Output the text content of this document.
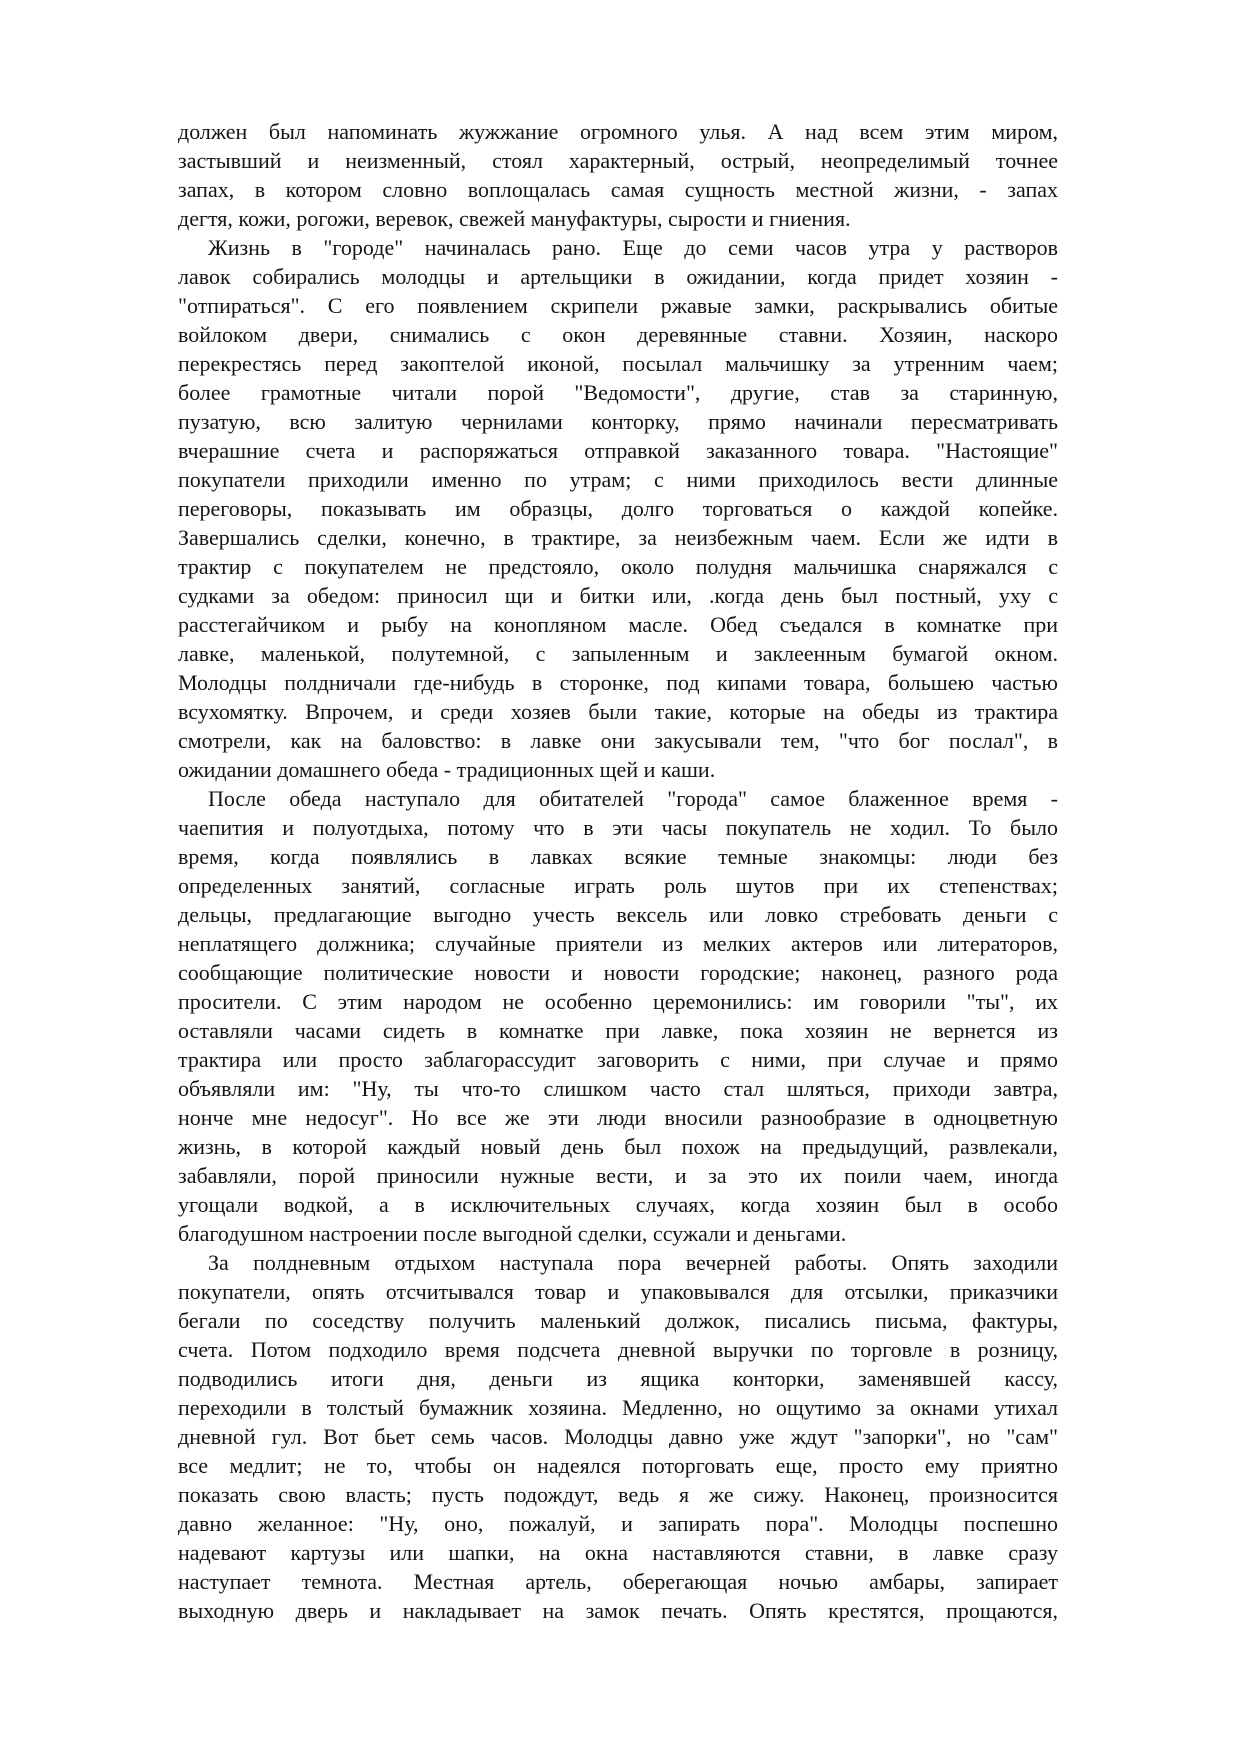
должен был напоминать жужжание огромного улья. А над всем этим миром,
застывший и неизменный, стоял характерный, острый, неопределимый точнее
запах, в котором словно воплощалась самая сущность местной жизни, - запах
дегтя, кожи, рогожи, веревок, свежей мануфактуры, сырости и гниения.
Жизнь в "городе" начиналась рано. Еще до семи часов утра у растворов
лавок собирались молодцы и артельщики в ожидании, когда придет хозяин -
"отпираться". С его появлением скрипели ржавые замки, раскрывались обитые
войлоком двери, снимались с окон деревянные ставни. Хозяин, наскоро
перекрестясь перед закоптелой иконой, посылал мальчишку за утренним чаем;
более грамотные читали порой "Ведомости", другие, став за старинную,
пузатую, всю залитую чернилами конторку, прямо начинали пересматривать
вчерашние счета и распоряжаться отправкой заказанного товара. "Настоящие"
покупатели приходили именно по утрам; с ними приходилось вести длинные
переговоры, показывать им образцы, долго торговаться о каждой копейке.
Завершались сделки, конечно, в трактире, за неизбежным чаем. Если же идти в
трактир с покупателем не предстояло, около полудня мальчишка снаряжался с
судками за обедом: приносил щи и битки или, .когда день был постный, уху с
расстегайчиком и рыбу на конопляном масле. Обед съедался в комнатке при
лавке, маленькой, полутемной, с запыленным и заклеенным бумагой окном.
Молодцы полдничали где-нибудь в сторонке, под кипами товара, большею частью
всухомятку. Впрочем, и среди хозяев были такие, которые на обеды из трактира
смотрели, как на баловство: в лавке они закусывали тем, "что бог послал", в
ожидании домашнего обеда - традиционных щей и каши.
После обеда наступало для обитателей "города" самое блаженное время -
чаепития и полуотдыха, потому что в эти часы покупатель не ходил. То было
время, когда появлялись в лавках всякие темные знакомцы: люди без
определенных занятий, согласные играть роль шутов при их степенствах;
дельцы, предлагающие выгодно учесть вексель или ловко стребовать деньги с
неплатящего должника; случайные приятели из мелких актеров или литераторов,
сообщающие политические новости и новости городские; наконец, разного рода
просители. С этим народом не особенно церемонились: им говорили "ты", их
оставляли часами сидеть в комнатке при лавке, пока хозяин не вернется из
трактира или просто заблагорассудит заговорить с ними, при случае и прямо
объявляли им: "Ну, ты что-то слишком часто стал шляться, приходи завтра,
нонче мне недосуг". Но все же эти люди вносили разнообразие в одноцветную
жизнь, в которой каждый новый день был похож на предыдущий, развлекали,
забавляли, порой приносили нужные вести, и за это их поили чаем, иногда
угощали водкой, а в исключительных случаях, когда хозяин был в особо
благодушном настроении после выгодной сделки, ссужали и деньгами.
За полдневным отдыхом наступала пора вечерней работы. Опять заходили
покупатели, опять отсчитывался товар и упаковывался для отсылки, приказчики
бегали по соседству получить маленький должок, писались письма, фактуры,
счета. Потом подходило время подсчета дневной выручки по торговле в розницу,
подводились итоги дня, деньги из ящика конторки, заменявшей кассу,
переходили в толстый бумажник хозяина. Медленно, но ощутимо за окнами утихал
дневной гул. Вот бьет семь часов. Молодцы давно уже ждут "запорки", но "сам"
все медлит; не то, чтобы он надеялся поторговать еще, просто ему приятно
показать свою власть; пусть подождут, ведь я же сижу. Наконец, произносится
давно желанное: "Ну, оно, пожалуй, и запирать пора". Молодцы поспешно
надевают картузы или шапки, на окна наставляются ставни, в лавке сразу
наступает темнота. Местная артель, оберегающая ночью амбары, запирает
выходную дверь и накладывает на замок печать. Опять крестятся, прощаются,
